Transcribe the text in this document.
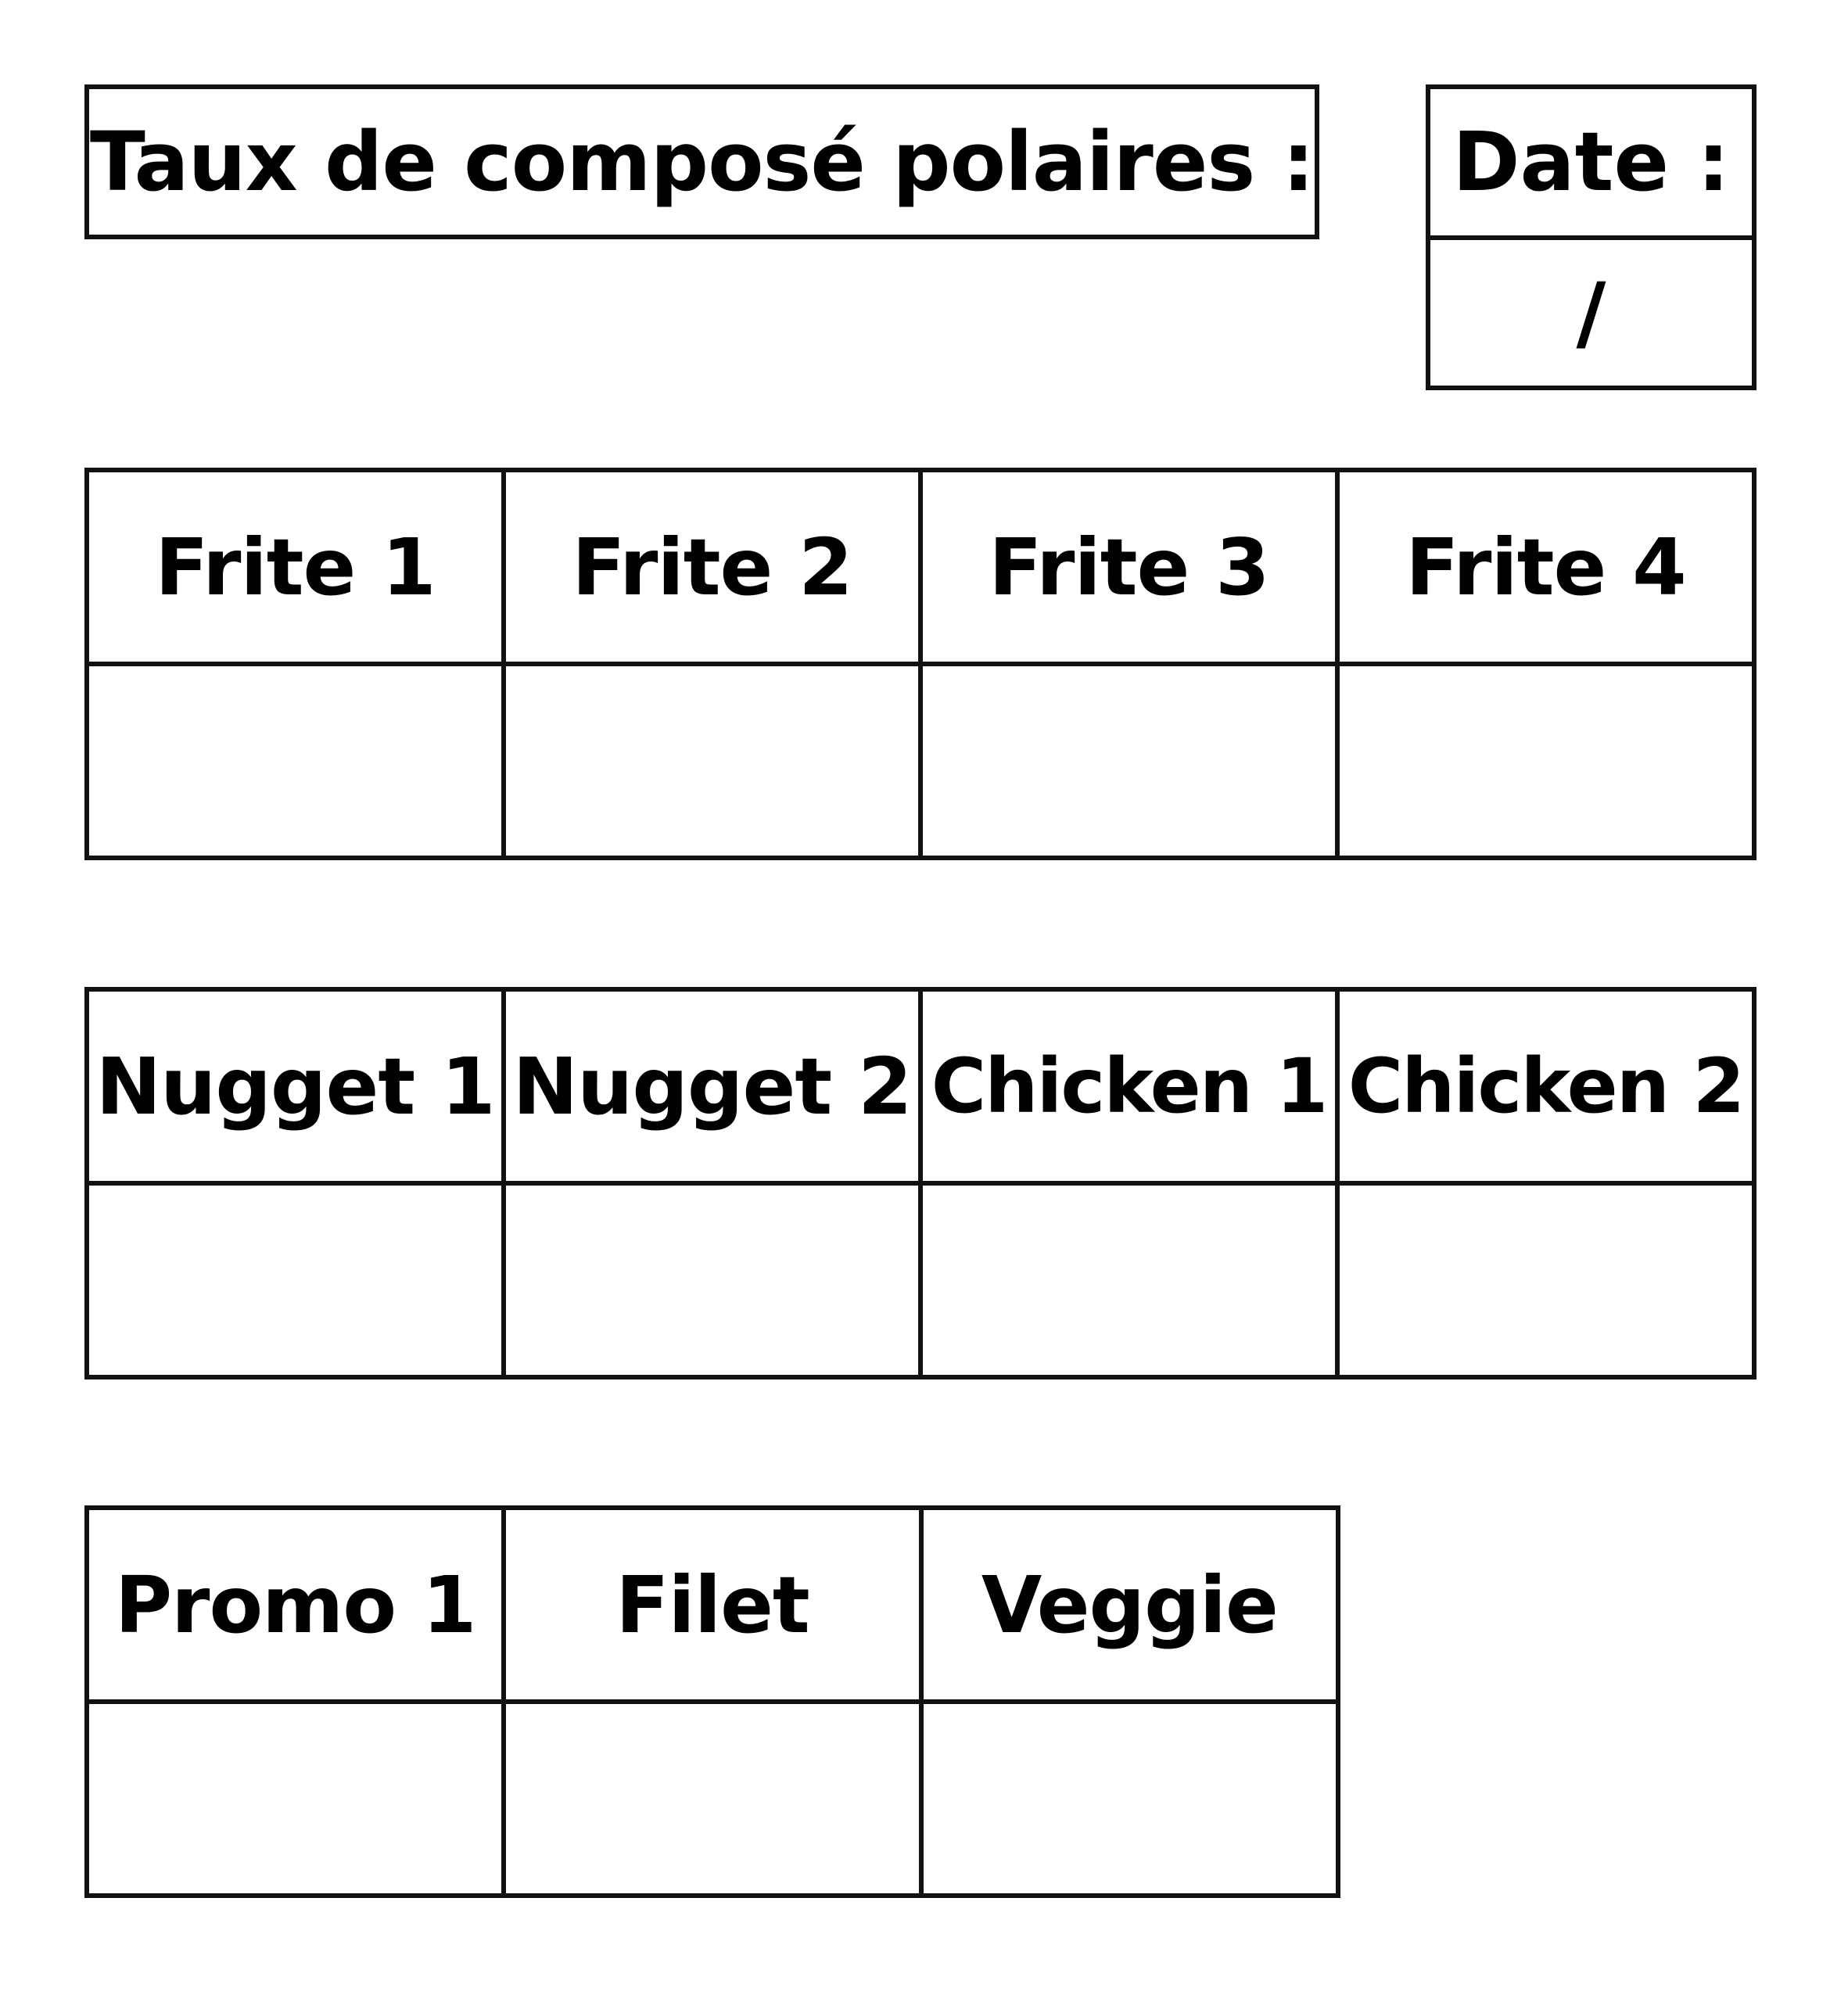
Taux de composé polaires : Date :
/
Frite 1	Frite 2	Frite 3	Frite 4

Nugget 1	Nugget 2	Chicken 1	Chicken 2

Promo 1	Filet	Veggie
